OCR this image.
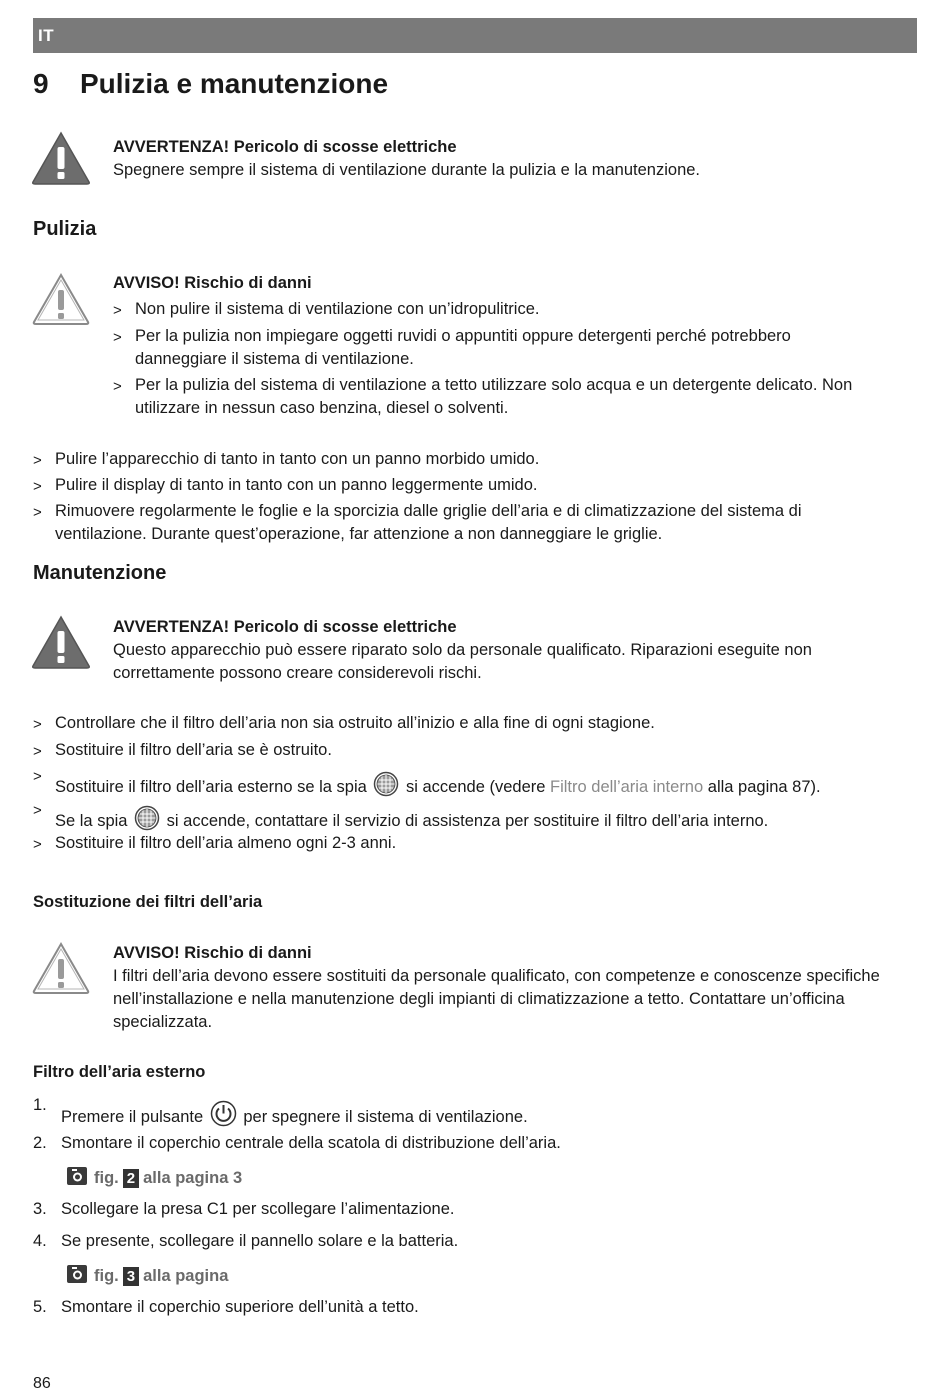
IT
9 Pulizia e manutenzione
AVVERTENZA! Pericolo di scosse elettriche
Spegnere sempre il sistema di ventilazione durante la pulizia e la manutenzione.
Pulizia
AVVISO! Rischio di danni
> Non pulire il sistema di ventilazione con un’idropulitrice.
> Per la pulizia non impiegare oggetti ruvidi o appuntiti oppure detergenti perché potrebbero
danneggiare il sistema di ventilazione.
> Per la pulizia del sistema di ventilazione a tetto utilizzare solo acqua e un detergente delicato. Non
utilizzare in nessun caso benzina, diesel o solventi.
> Pulire l’apparecchio di tanto in tanto con un panno morbido umido.
> Pulire il display di tanto in tanto con un panno leggermente umido.
> Rimuovere regolarmente le foglie e la sporcizia dalle griglie dell’aria e di climatizzazione del sistema di
ventilazione. Durante quest’operazione, far attenzione a non danneggiare le griglie.
Manutenzione
AVVERTENZA! Pericolo di scosse elettriche
Questo apparecchio può essere riparato solo da personale qualificato. Riparazioni eseguite non
correttamente possono creare considerevoli rischi.
> Controllare che il filtro dell’aria non sia ostruito all’inizio e alla fine di ogni stagione.
> Sostituire il filtro dell’aria se è ostruito.
>
Sostituire il filtro dell’aria esterno se la spia si accende (vedere Filtro dell’aria interno alla pagina 87).
>
Se la spia si accende, contattare il servizio di assistenza per sostituire il filtro dell’aria interno.
> Sostituire il filtro dell’aria almeno ogni 2-3 anni.
Sostituzione dei filtri dell’aria
AVVISO! Rischio di danni
I filtri dell’aria devono essere sostituiti da personale qualificato, con competenze e conoscenze specifiche
nell’installazione e nella manutenzione degli impianti di climatizzazione a tetto. Contattare un’officina
specializzata.
Filtro dell’aria esterno
1.
Premere il pulsante per spegnere il sistema di ventilazione.
2. Smontare il coperchio centrale della scatola di distribuzione dell’aria.
fig. 2 alla pagina 3
3. Scollegare la presa C1 per scollegare l’alimentazione.
4. Se presente, scollegare il pannello solare e la batteria.
fig. 3 alla pagina
5. Smontare il coperchio superiore dell’unità a tetto.
86
